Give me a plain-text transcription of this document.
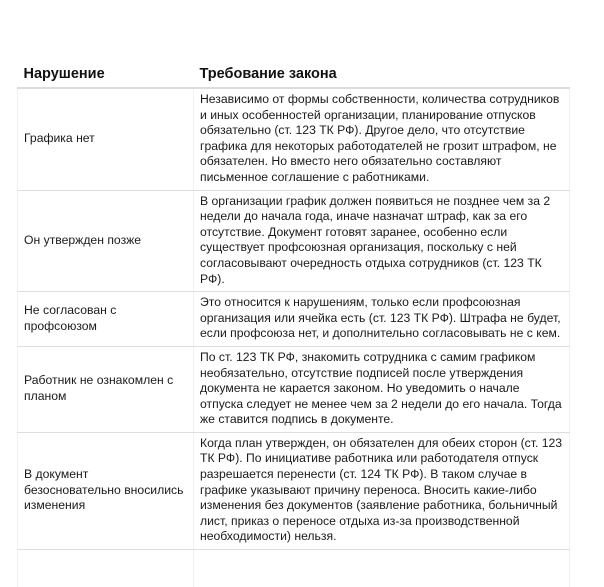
Нарушение	Требование закона
Графика нет	Независимо от формы собственности, количества сотрудников и иных особенностей организации, планирование отпусков обязательно (ст. 123 ТК РФ). Другое дело, что отсутствие графика для некоторых работодателей не грозит штрафом, не обязателен. Но вместо него обязательно составляют письменное соглашение с работниками.
Он утвержден позже	В организации график должен появиться не позднее чем за 2 недели до начала года, иначе назначат штраф, как за его отсутствие. Документ готовят заранее, особенно если существует профсоюзная организация, поскольку с ней согласовывают очередность отдыха сотрудников (ст. 123 ТК РФ).
Не согласован с профсоюзом	Это относится к нарушениям, только если профсоюзная организация или ячейка есть (ст. 123 ТК РФ). Штрафа не будет, если профсоюза нет, и дополнительно согласовывать не с кем.
Работник не ознакомлен с планом	По ст. 123 ТК РФ, знакомить сотрудника с самим графиком необязательно, отсутствие подписей после утверждения документа не карается законом. Но уведомить о начале отпуска следует не менее чем за 2 недели до его начала. Тогда же ставится подпись в документе.
В документ безосновательно вносились изменения	Когда план утвержден, он обязателен для обеих сторон (ст. 123 ТК РФ). По инициативе работника или работодателя отпуск разрешается перенести (ст. 124 ТК РФ). В таком случае в графике указывают причину переноса. Вносить какие-либо изменения без документов (заявление работника, больничный лист, приказ о переносе отдыха из-за производственной необходимости) нельзя.
